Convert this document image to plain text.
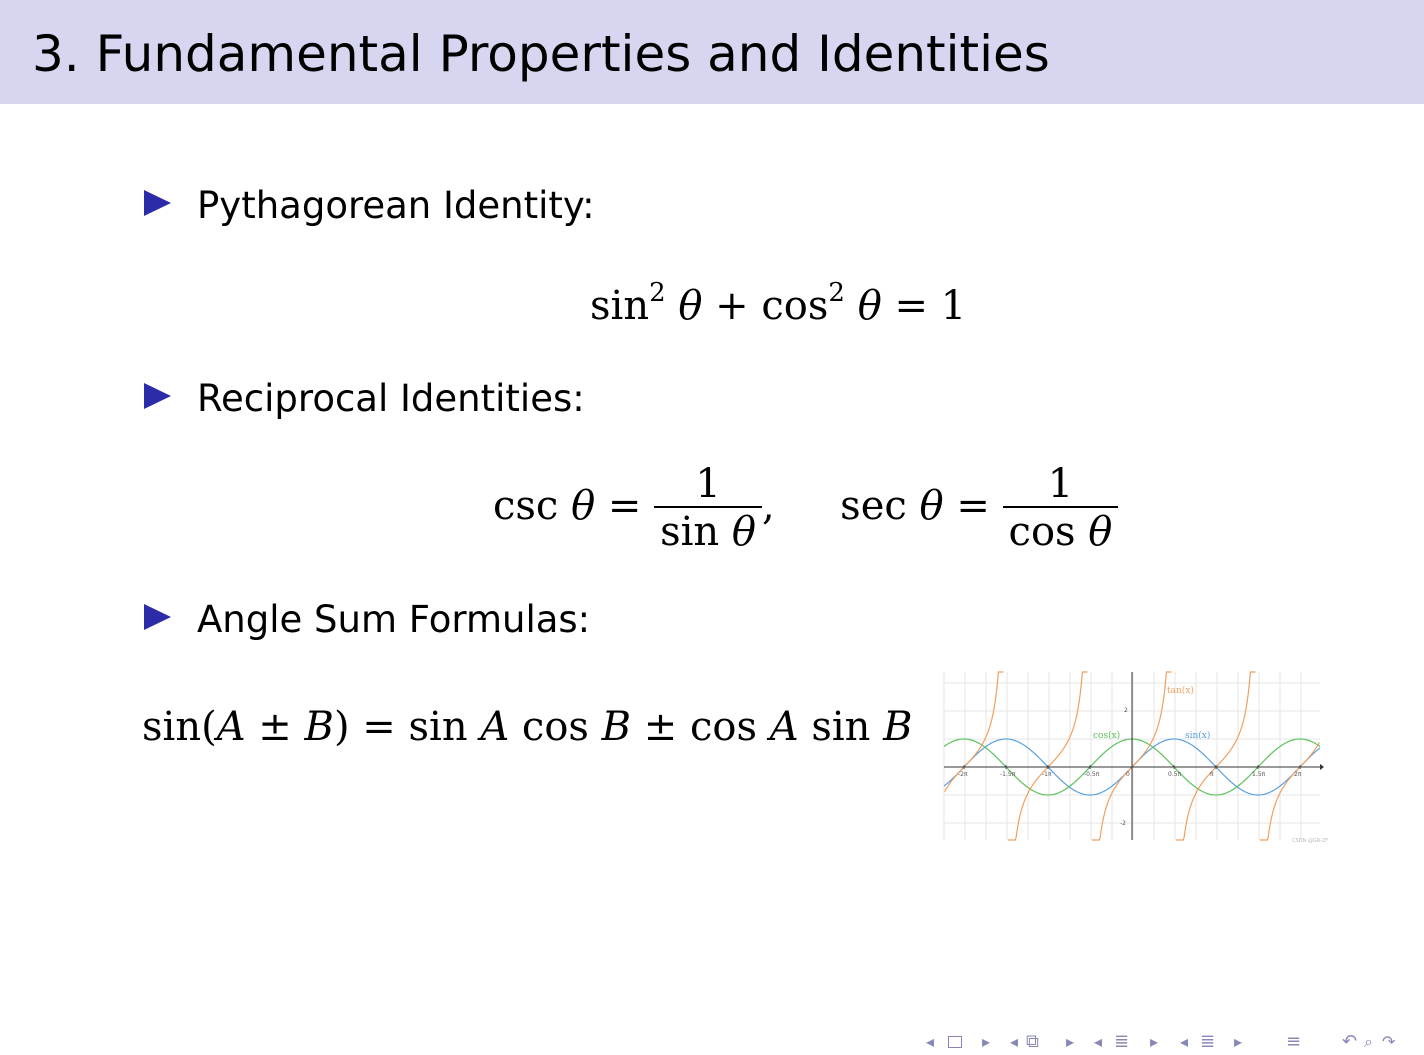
3. Fundamental Properties and Identities
Pythagorean Identity:
$\sin^2 \theta + \cos^2 \theta = 1$
Reciprocal Identities:
$\csc \theta = \frac{1}{\text{sin θ}}$ , $\sec \theta = \frac{1}{\text{cos θ}}$
Angle Sum Formulas:
sin(A ± B) = sin A cos B ± cos A sin B
-2π	-1.5π	-1π	-0.5π	0	0.5π	π	1.5π	2π
tan(x)
cos(x)	sin(x)
2
-2
CSDN @GR-ZF
◂	▸ ◂ ⧉ ▸ ◂ ≣ ▸ ◂ ≣ ▸ ≡ ↶ ⌕ ↷
